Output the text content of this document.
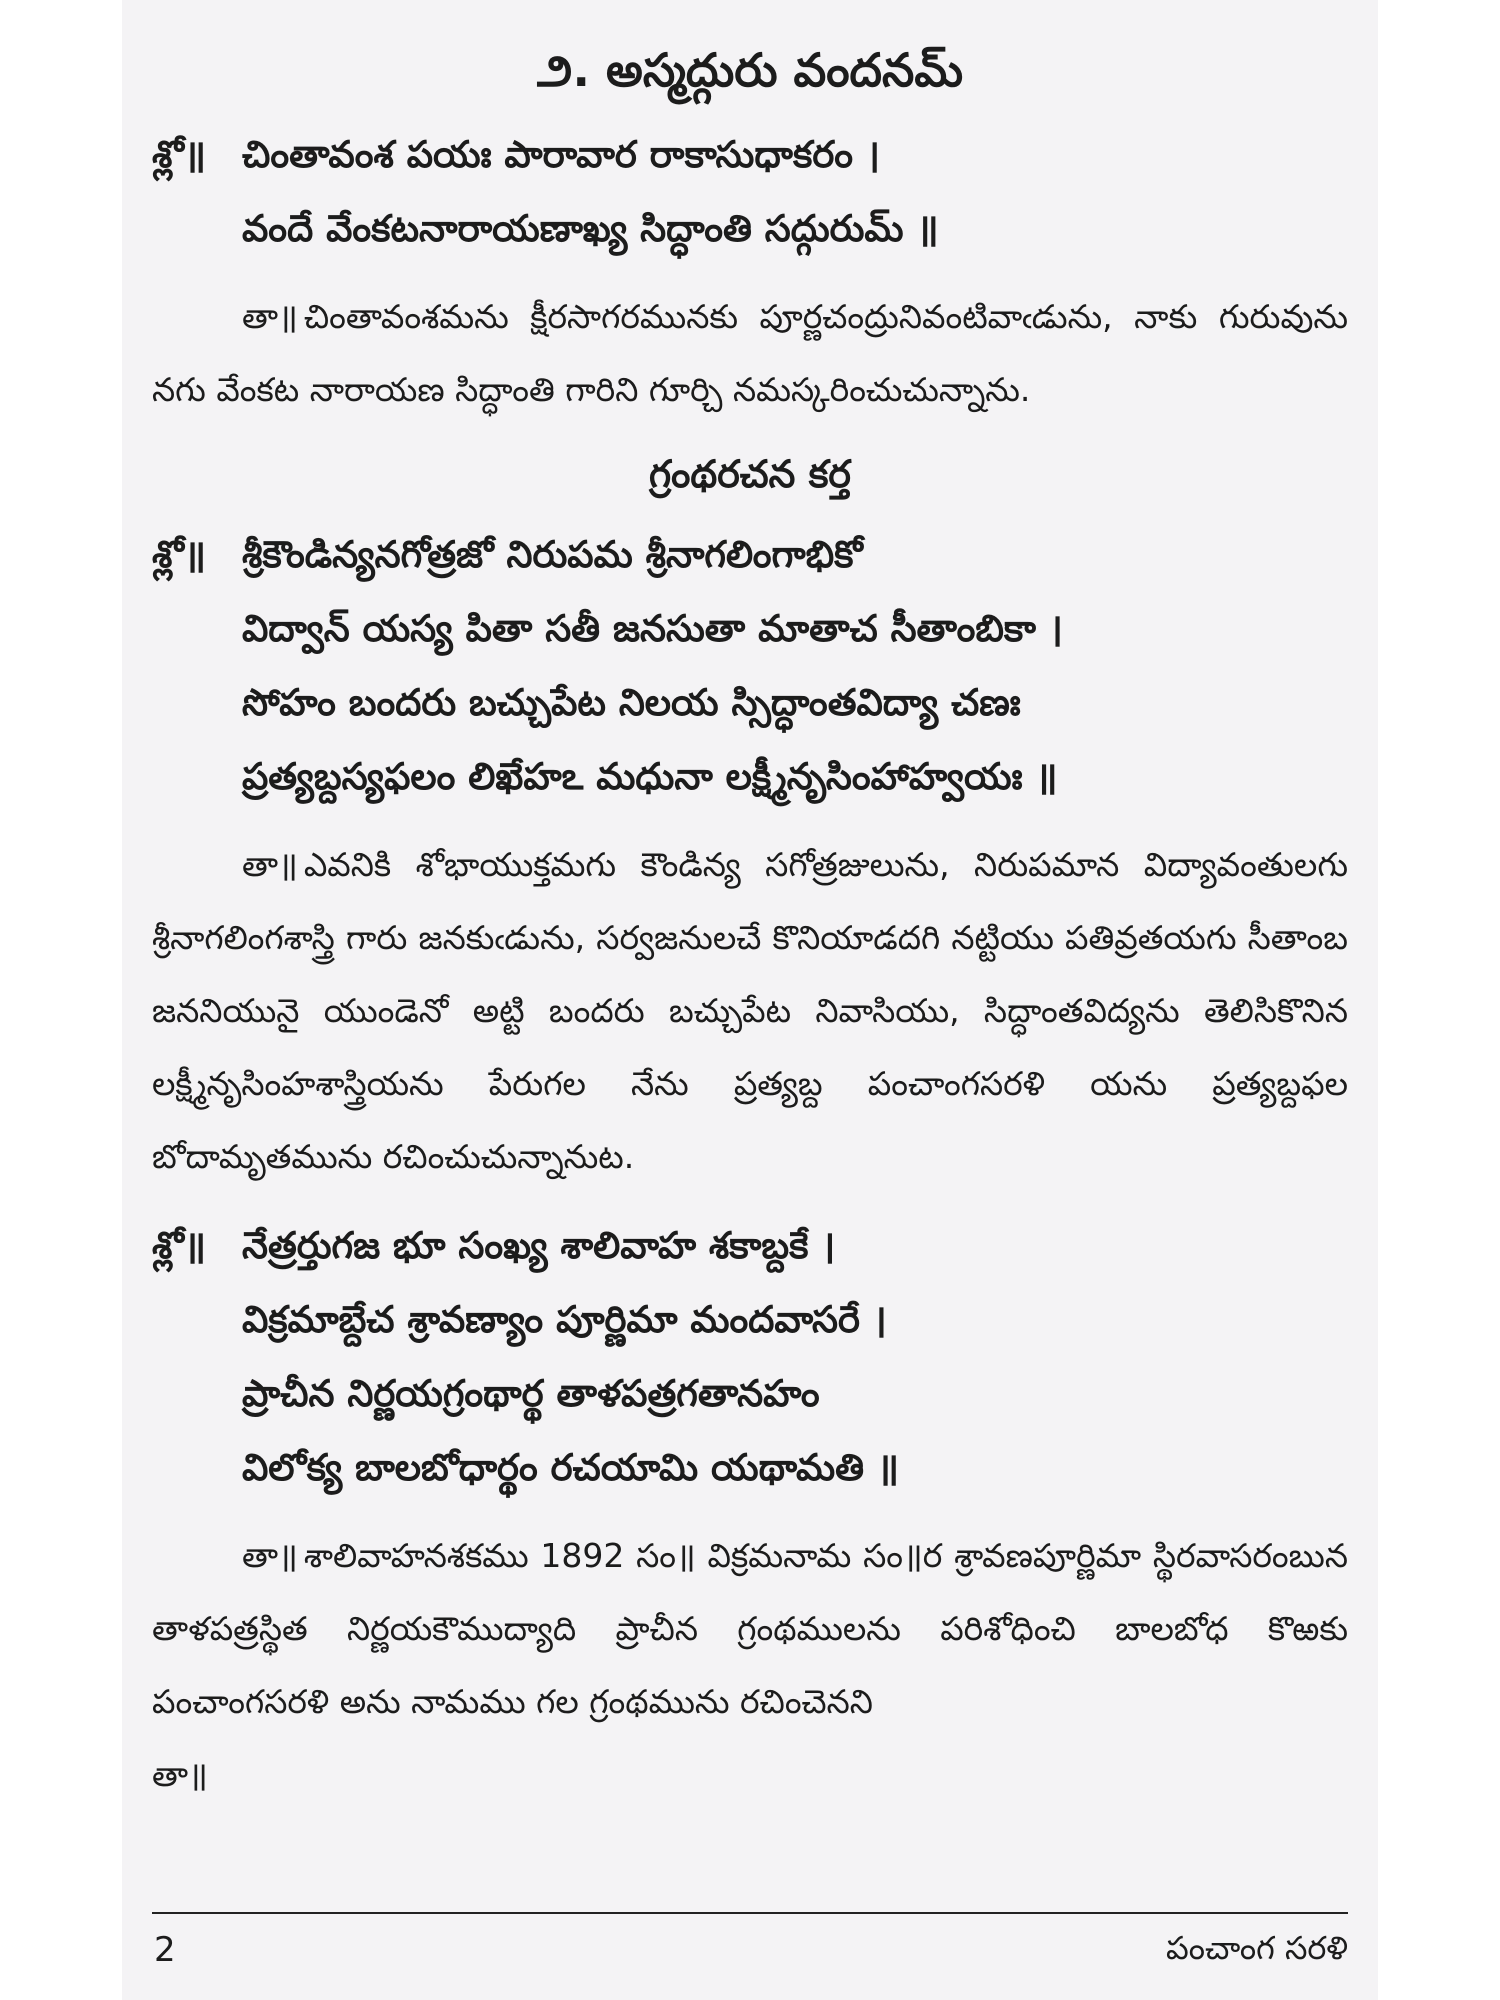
౨. అస్మద్గురు వందనమ్
శ్లో॥ చింతావంశ పయః పారావార రాకాసుధాకరం ।
వందే వేంకటనారాయణాఖ్య సిద్ధాంతి సద్గురుమ్ ॥

తా॥ చింతావంశమను క్షీరసాగరమునకు పూర్ణచంద్రునివంటివాఁడును, నాకు గురువును నగు వేంకట నారాయణ సిద్ధాంతి గారిని గూర్చి నమస్కరించుచున్నాను.

గ్రంథరచన కర్త
శ్లో॥ శ్రీకౌండిన్యనగోత్రజో నిరుపమ శ్రీనాగలింగాభికో
విద్వాన్ యస్య పితా సతీ జనసుతా మాతాచ సీతాంబికా ।
సోహం బందరు బచ్చుపేట నిలయ స్సిద్ధాంతవిద్యా చణః
ప్రత్యబ్దస్యఫలం లిఖేహఽ మధునా లక్ష్మీనృసింహాహ్వయః ॥

తా॥ ఎవనికి శోభాయుక్తమగు కౌండిన్య సగోత్రజులును, నిరుపమాన విద్యావంతులగు శ్రీనాగలింగశాస్త్రి గారు జనకుఁడును, సర్వజనులచే కొనియాడదగి నట్టియు పతివ్రతయగు సీతాంబ జననియునై యుండెనో అట్టి బందరు బచ్చుపేట నివాసియు, సిద్ధాంతవిద్యను తెలిసికొనిన లక్ష్మీనృసింహశాస్త్రియను పేరుగల నేను ప్రత్యబ్ద పంచాంగసరళి యను ప్రత్యబ్దఫల బోదామృతమును రచించుచున్నానుట.

శ్లో॥ నేత్రర్తుగజ భూ సంఖ్య శాలివాహ శకాబ్దకే ।
విక్రమాబ్దేచ శ్రావణ్యాం పూర్ణిమా మందవాసరే ।
ప్రాచీన నిర్ణయగ్రంథార్థ తాళపత్రగతానహం
విలోక్య బాలబోధార్థం రచయామి యథామతి ॥

తా॥ శాలివాహనశకము 1892 సం॥ విక్రమనామ సం॥ర శ్రావణపూర్ణిమా స్థిరవాసరంబున తాళపత్రస్థిత నిర్ణయకౌముద్యాది ప్రాచీన గ్రంథములను పరిశోధించి బాలబోధ కొఱకు పంచాంగసరళి అను నామము గల గ్రంథమును రచించెనని
తా॥

2	పంచాంగ సరళి
